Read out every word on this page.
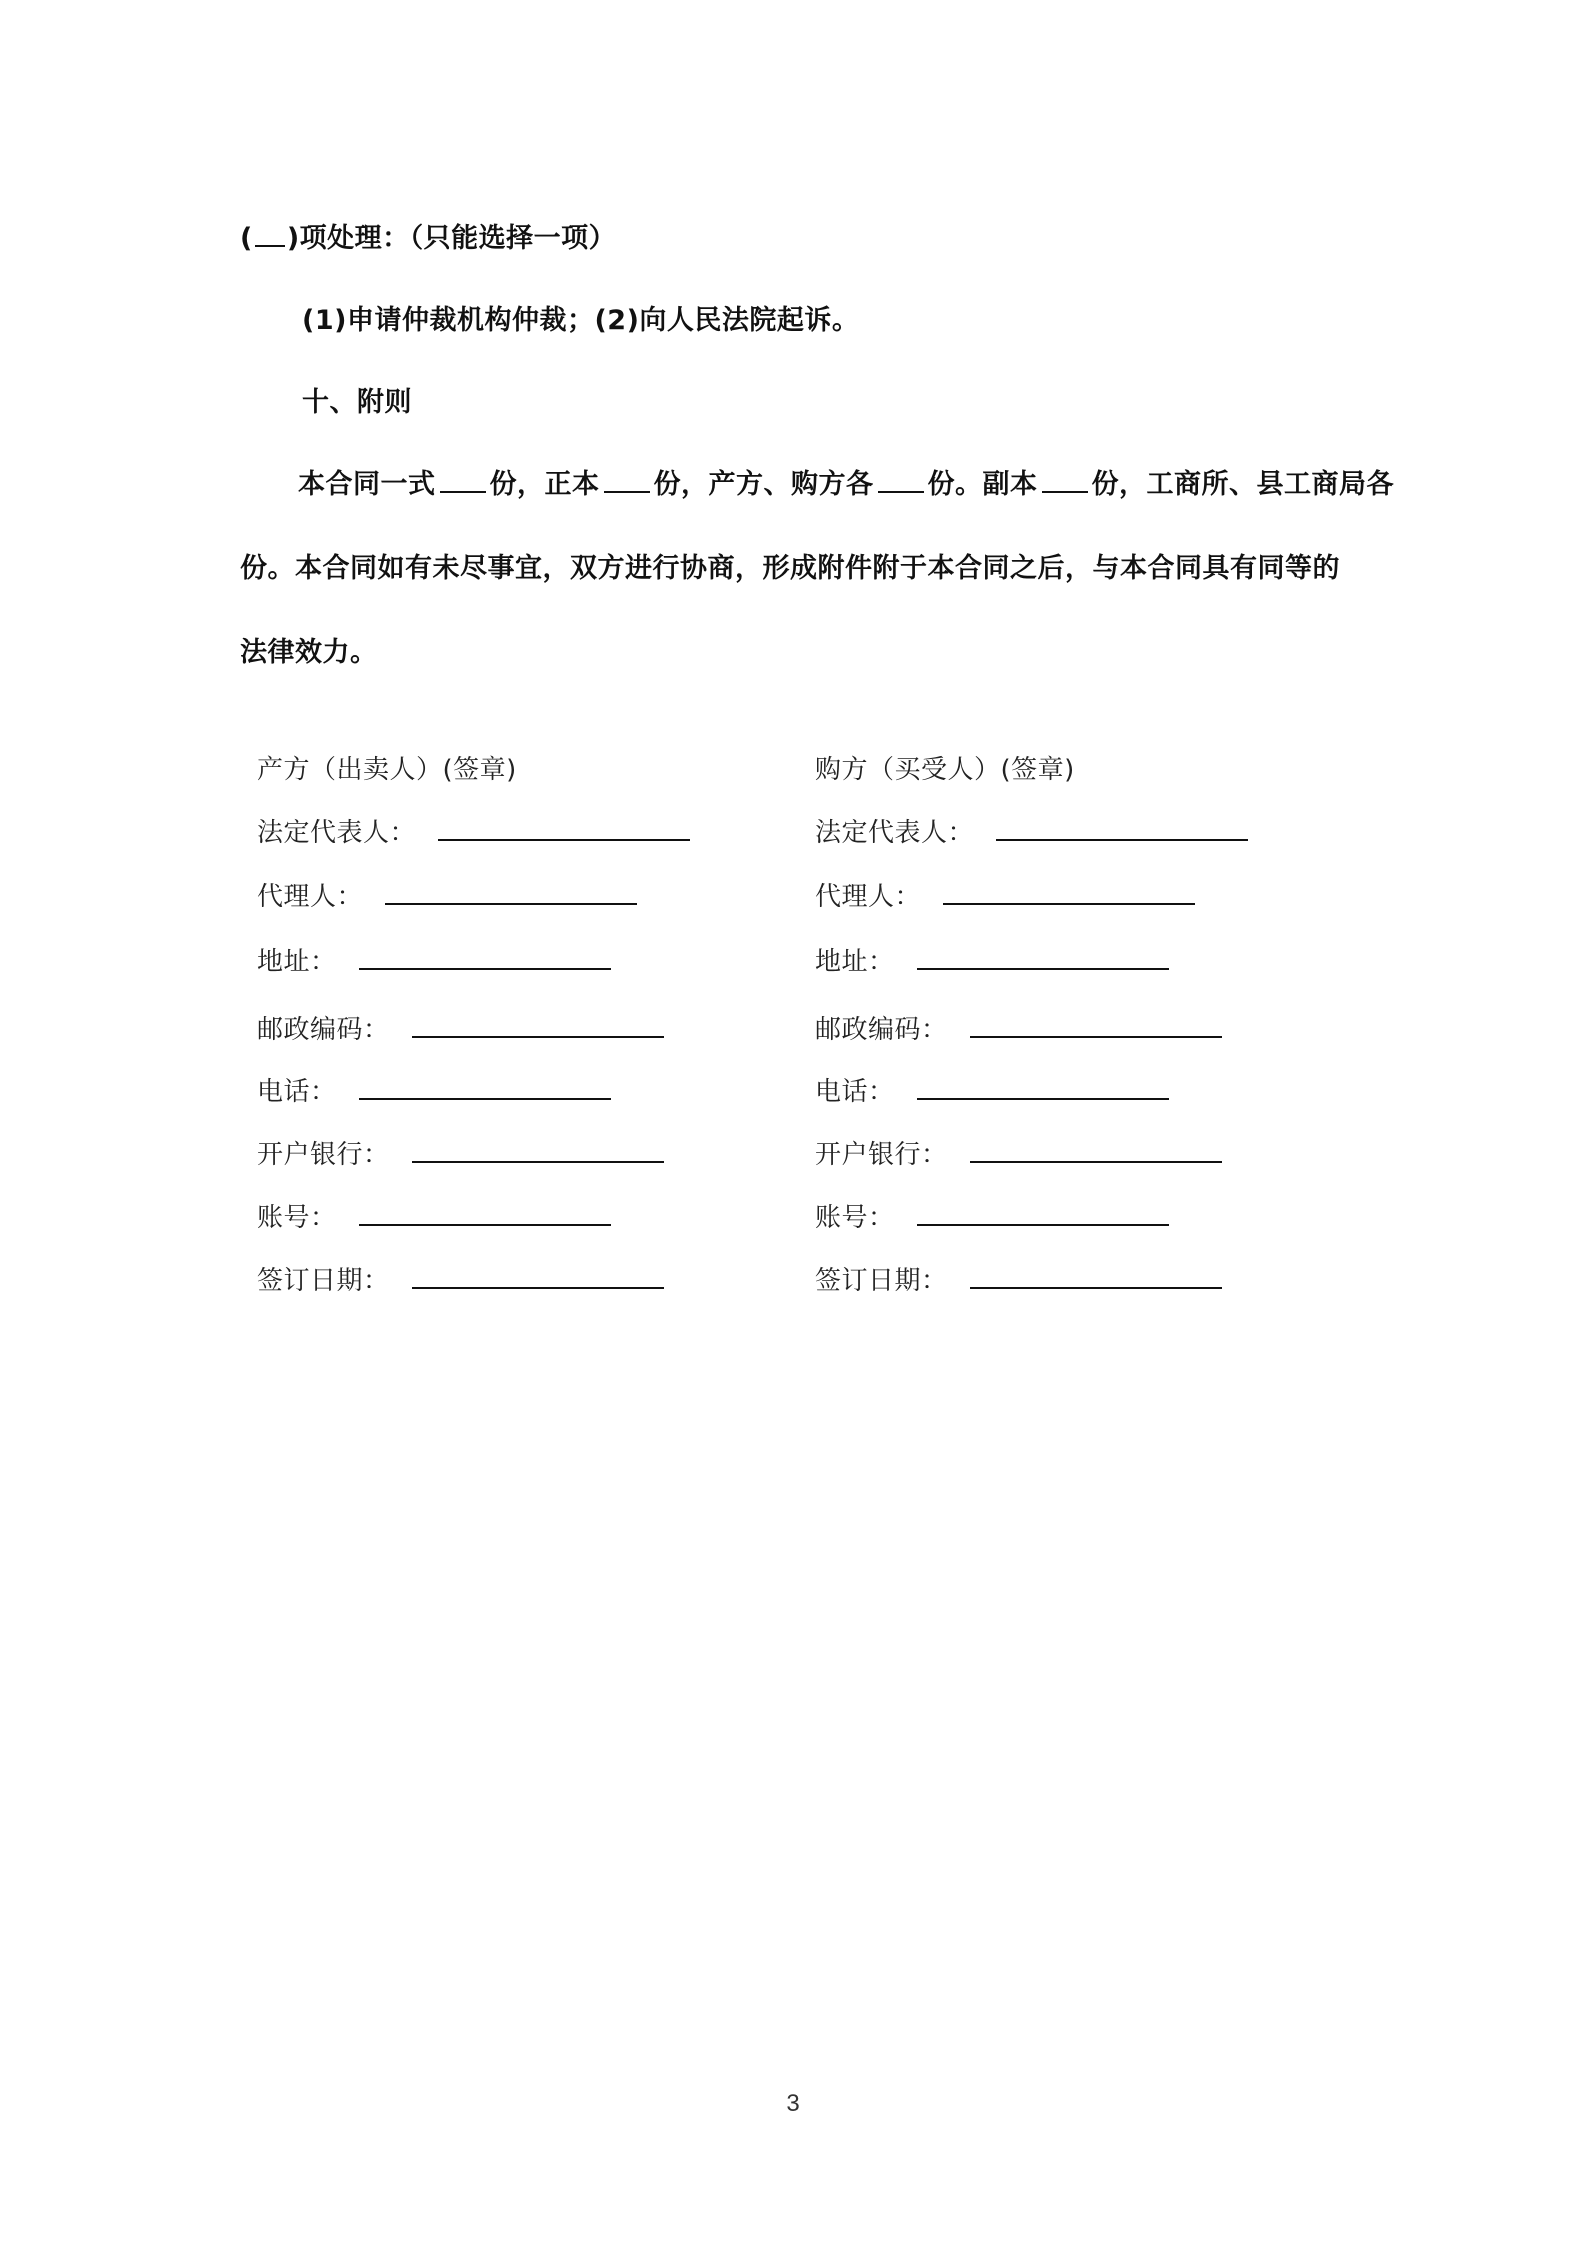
( )项处理：（只能选择一项）
(1)申请仲裁机构仲裁；(2)向人民法院起诉。
十、附则
本合同一式 份，正本 份，产方、购方各 份。副本 份，工商所、县工商局各
份。本合同如有未尽事宜，双方进行协商，形成附件附于本合同之后，与本合同具有同等的
法律效力。
产方（出卖人）(签章)
法定代表人：
代理人：
地址：
邮政编码：
电话：
开户银行：
账号：
签订日期：
购方（买受人）(签章)
法定代表人：
代理人：
地址：
邮政编码：
电话：
开户银行：
账号：
签订日期：
3
